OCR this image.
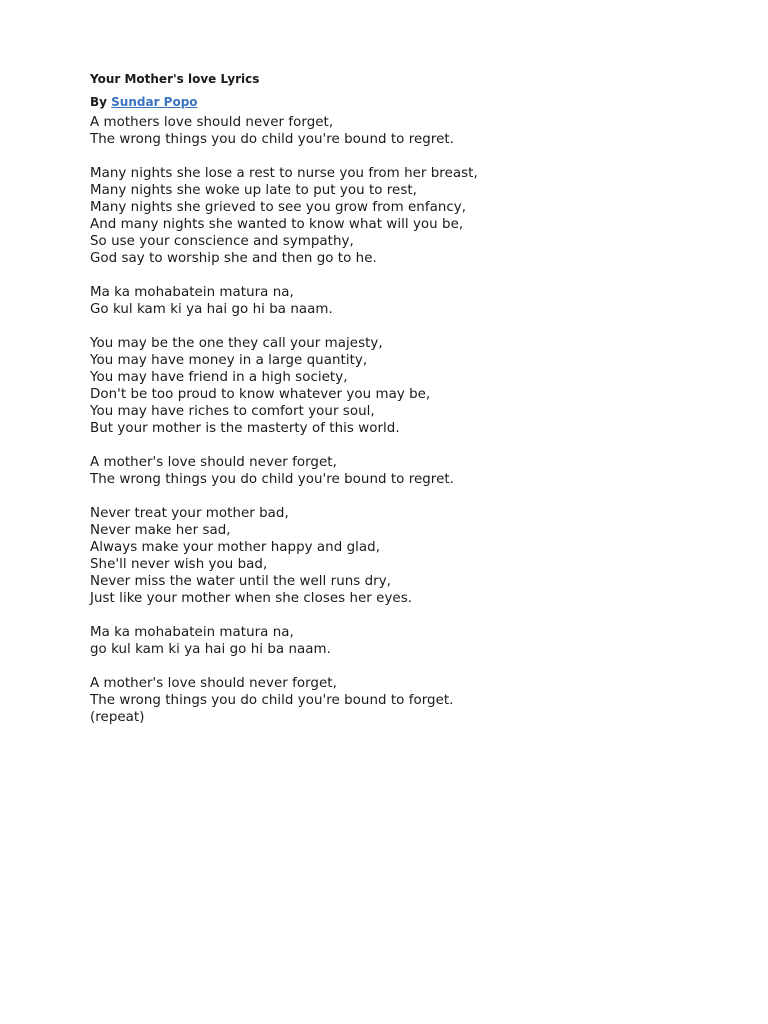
Your Mother's love Lyrics
By Sundar Popo
A mothers love should never forget,
The wrong things you do child you're bound to regret.
Many nights she lose a rest to nurse you from her breast,
Many nights she woke up late to put you to rest,
Many nights she grieved to see you grow from enfancy,
And many nights she wanted to know what will you be,
So use your conscience and sympathy,
God say to worship she and then go to he.
Ma ka mohabatein matura na,
Go kul kam ki ya hai go hi ba naam.
You may be the one they call your majesty,
You may have money in a large quantity,
You may have friend in a high society,
Don't be too proud to know whatever you may be,
You may have riches to comfort your soul,
But your mother is the masterty of this world.
A mother's love should never forget,
The wrong things you do child you're bound to regret.
Never treat your mother bad,
Never make her sad,
Always make your mother happy and glad,
She'll never wish you bad,
Never miss the water until the well runs dry,
Just like your mother when she closes her eyes.
Ma ka mohabatein matura na,
go kul kam ki ya hai go hi ba naam.
A mother's love should never forget,
The wrong things you do child you're bound to forget.
(repeat)
